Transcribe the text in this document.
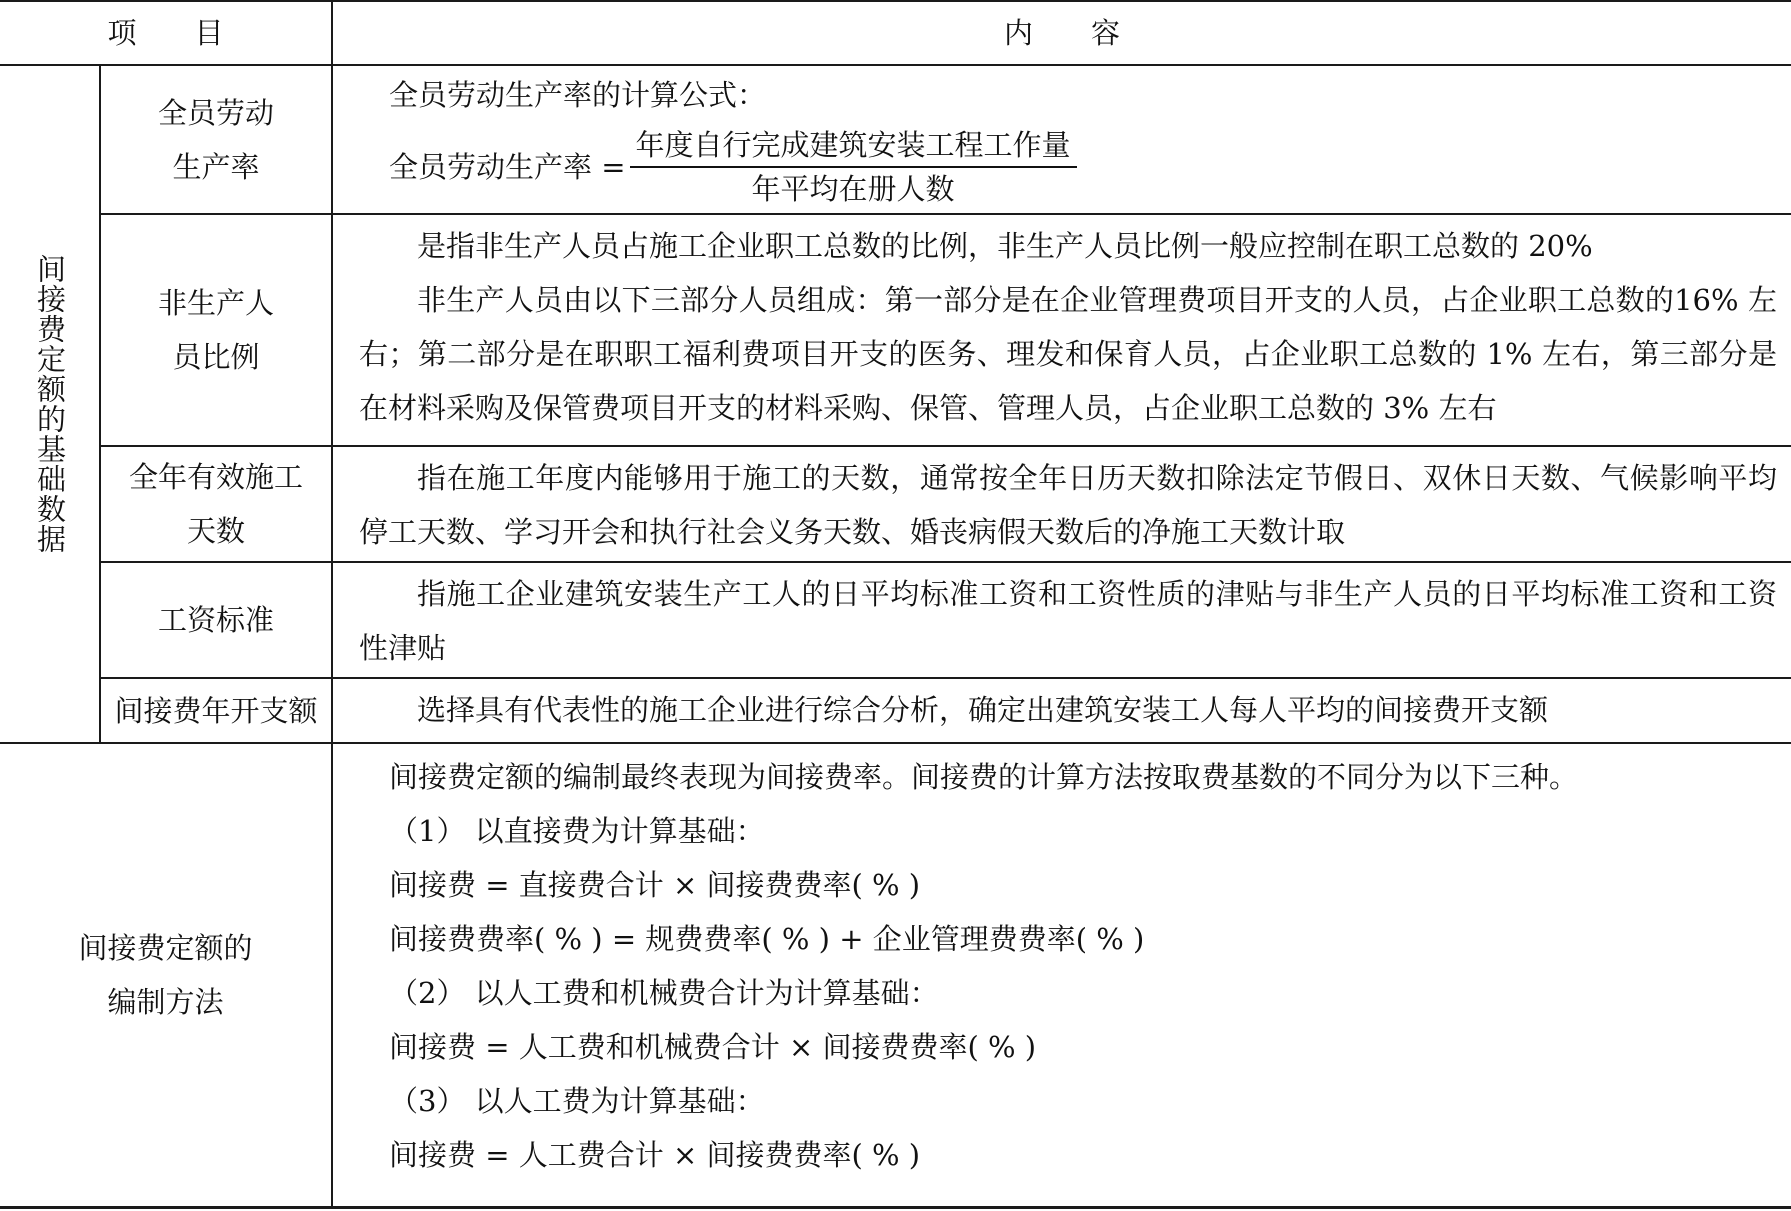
项　　目	内　　容
间接费定额的基础数据
全员劳动
生产率
全员劳动生产率的计算公式：
全员劳动生产率 = $\frac{\text{年度自行完成建筑安装工程工作量}}{\text{年平均在册人数}}$
非生产人
员比例
是指非生产人员占施工企业职工总数的比例，非生产人员比例一般应控制在职工总数的 20%
非生产人员由以下三部分人员组成：第一部分是在企业管理费项目开支的人员，占企业职工总数的16% 左右；第二部分是在职职工福利费项目开支的医务、理发和保育人员，占企业职工总数的 1% 左右，第三部分是在材料采购及保管费项目开支的材料采购、保管、管理人员，占企业职工总数的 3% 左右
全年有效施工
天数
指在施工年度内能够用于施工的天数，通常按全年日历天数扣除法定节假日、双休日天数、气候影响平均停工天数、学习开会和执行社会义务天数、婚丧病假天数后的净施工天数计取
工资标准
指施工企业建筑安装生产工人的日平均标准工资和工资性质的津贴与非生产人员的日平均标准工资和工资性津贴
间接费年开支额	选择具有代表性的施工企业进行综合分析，确定出建筑安装工人每人平均的间接费开支额
间接费定额的
编制方法
间接费定额的编制最终表现为间接费率。间接费的计算方法按取费基数的不同分为以下三种。
（1） 以直接费为计算基础：
间接费 = 直接费合计 × 间接费费率( % )
间接费费率( % ) = 规费费率( % ) + 企业管理费费率( % )
（2） 以人工费和机械费合计为计算基础：
间接费 = 人工费和机械费合计 × 间接费费率( % )
（3） 以人工费为计算基础：
间接费 = 人工费合计 × 间接费费率( % )
